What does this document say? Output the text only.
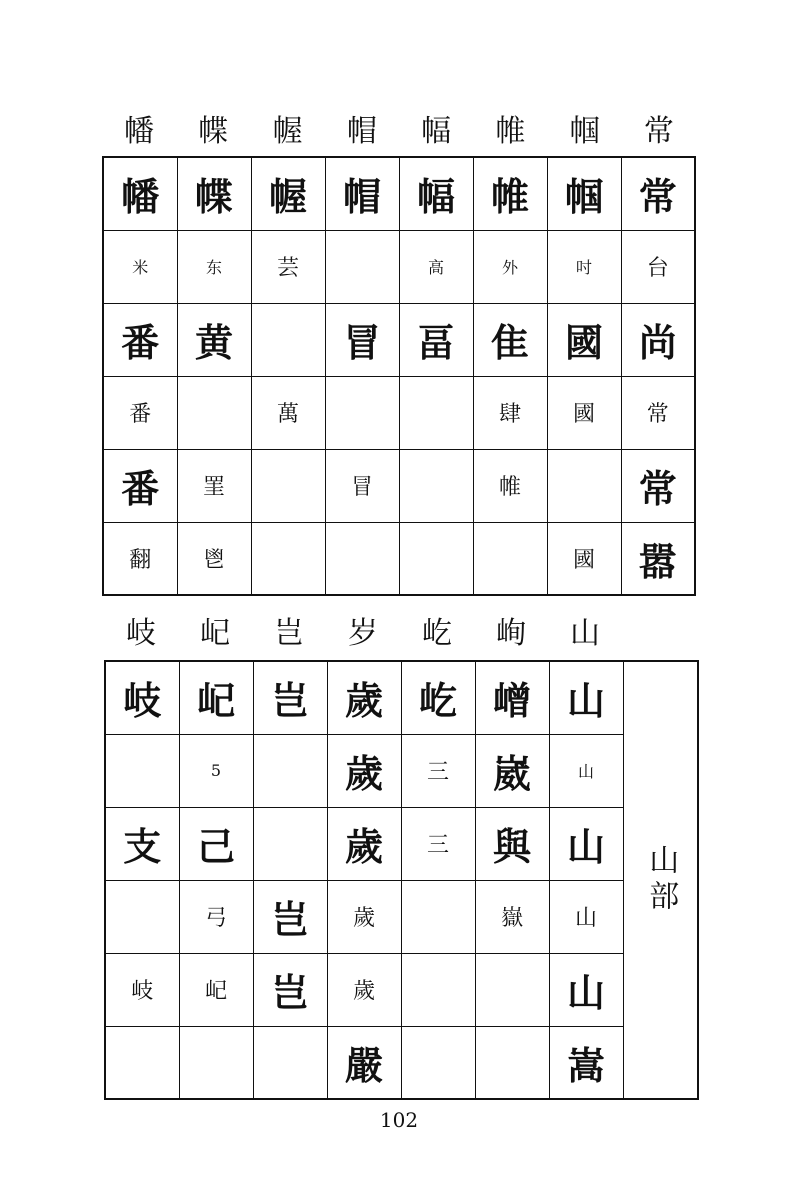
幡	幉	幄	帽	幅	帷	帼	常
幡	幉	幄	帽	幅	帷	帼	常
米	东	芸		高	外	吋	台
番	黄		冒	畐	隹	國	尚
番		萬			肆	國	常
番	罣		冒		帷		常
翻	鬯					國	嚣
岐	屺	岂	岁	屹	峋	山
岐	屺	岂	歲	屹	嶒	山	山部
	5		歲	三	崴	山	
支	己		歲	三	與	山	
	弓	岂	歲		嶽	山	
岐	屺	岂	歲			山	
			嚴			嵩	
102
